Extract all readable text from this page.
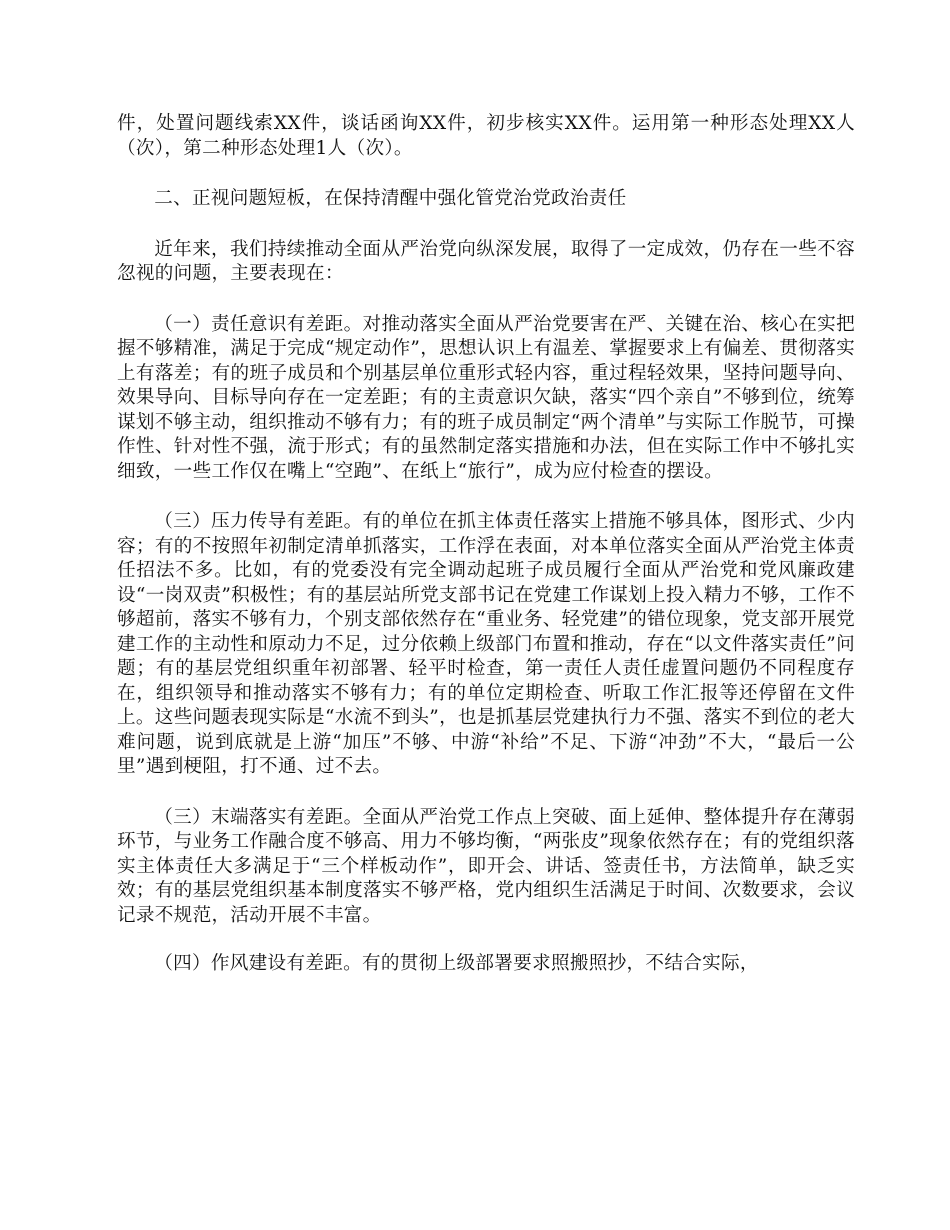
件，处置问题线索XX件，谈话函询XX件，初步核实XX件。运用第一种形态处理XX人（次），第二种形态处理1人（次）。

二、正视问题短板，在保持清醒中强化管党治党政治责任

近年来，我们持续推动全面从严治党向纵深发展，取得了一定成效，仍存在一些不容忽视的问题，主要表现在：

（一）责任意识有差距。对推动落实全面从严治党要害在严、关键在治、核心在实把握不够精准，满足于完成“规定动作”，思想认识上有温差、掌握要求上有偏差、贯彻落实上有落差；有的班子成员和个别基层单位重形式轻内容，重过程轻效果，坚持问题导向、效果导向、目标导向存在一定差距；有的主责意识欠缺，落实“四个亲自”不够到位，统筹谋划不够主动，组织推动不够有力；有的班子成员制定“两个清单”与实际工作脱节，可操作性、针对性不强，流于形式；有的虽然制定落实措施和办法，但在实际工作中不够扎实细致，一些工作仅在嘴上“空跑”、在纸上“旅行”，成为应付检查的摆设。

（三）压力传导有差距。有的单位在抓主体责任落实上措施不够具体，图形式、少内容；有的不按照年初制定清单抓落实，工作浮在表面，对本单位落实全面从严治党主体责任招法不多。比如，有的党委没有完全调动起班子成员履行全面从严治党和党风廉政建设“一岗双责”积极性；有的基层站所党支部书记在党建工作谋划上投入精力不够，工作不够超前，落实不够有力，个别支部依然存在“重业务、轻党建”的错位现象，党支部开展党建工作的主动性和原动力不足，过分依赖上级部门布置和推动，存在“以文件落实责任”问题；有的基层党组织重年初部署、轻平时检查，第一责任人责任虚置问题仍不同程度存在，组织领导和推动落实不够有力；有的单位定期检查、听取工作汇报等还停留在文件上。这些问题表现实际是“水流不到头”，也是抓基层党建执行力不强、落实不到位的老大难问题，说到底就是上游“加压”不够、中游“补给”不足、下游“冲劲”不大，“最后一公里”遇到梗阻，打不通、过不去。

（三）末端落实有差距。全面从严治党工作点上突破、面上延伸、整体提升存在薄弱环节，与业务工作融合度不够高、用力不够均衡，“两张皮”现象依然存在；有的党组织落实主体责任大多满足于“三个样板动作”，即开会、讲话、签责任书，方法简单，缺乏实效；有的基层党组织基本制度落实不够严格，党内组织生活满足于时间、次数要求，会议记录不规范，活动开展不丰富。

（四）作风建设有差距。有的贯彻上级部署要求照搬照抄，不结合实际，
